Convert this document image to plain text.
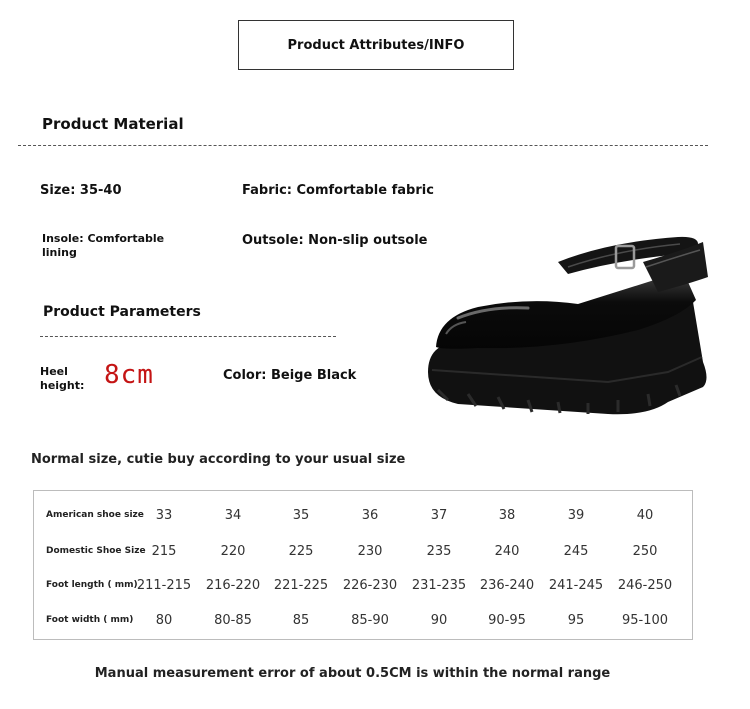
Product Attributes/INFO
Product Material
Size: 35-40	Fabric: Comfortable fabric
Insole: Comfortable
lining
Outsole: Non-slip outsole
Product Parameters
Heel
height: 8cm	Color: Beige Black
Normal size, cutie buy according to your usual size
American shoe size 33	34	35	36	37	38	39	40
Domestic Shoe Size 215	220	225	230	235	240	245	250
Foot length ( mm) 211-215	216-220	221-225	226-230	231-235	236-240	241-245	246-250
Foot width ( mm)	80	80-85	85	85-90	90	90-95	95	95-100
Manual measurement error of about 0.5CM is within the normal range
